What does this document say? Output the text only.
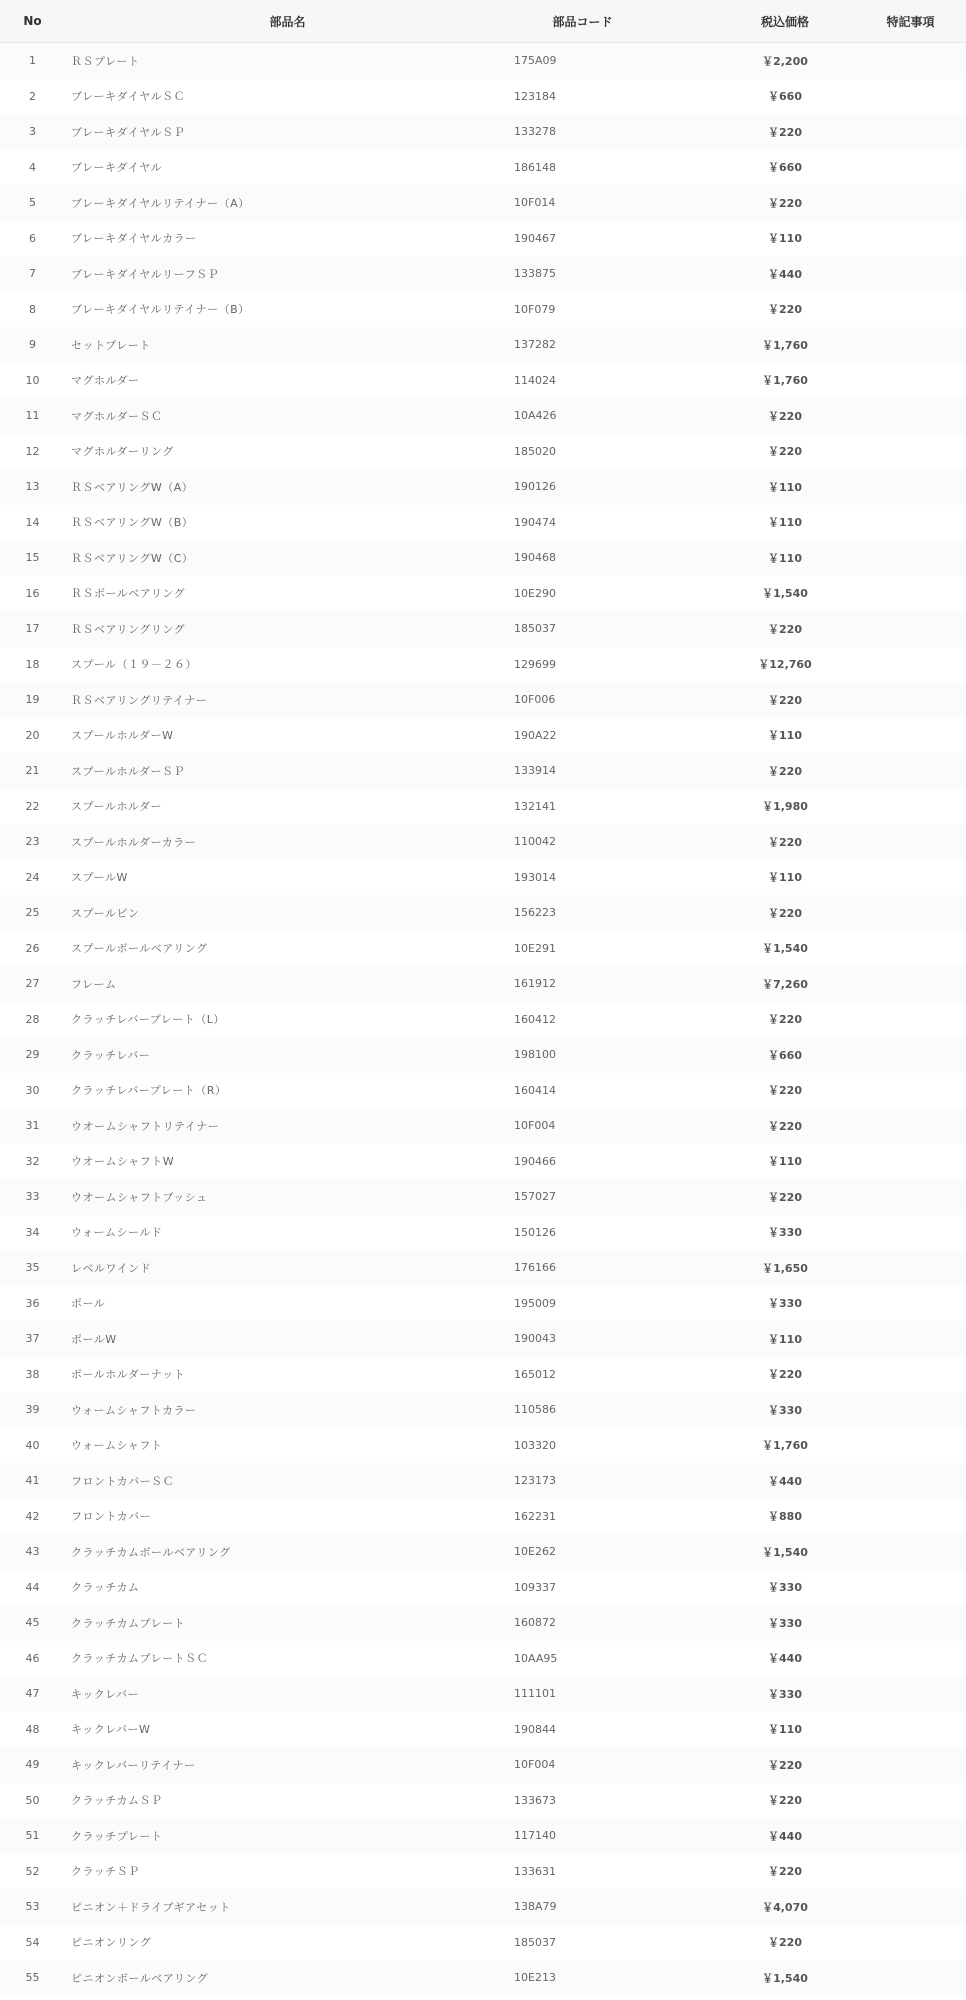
No	部品名	部品コード	税込価格	特記事項
1	ＲＳプレート	175A09	￥2,200	
2	ブレーキダイヤルＳＣ	123184	￥660	
3	ブレーキダイヤルＳＰ	133278	￥220	
4	ブレーキダイヤル	186148	￥660	
5	ブレーキダイヤルリテイナー（A）	10F014	￥220	
6	ブレーキダイヤルカラー	190467	￥110	
7	ブレーキダイヤルリーフＳＰ	133875	￥440	
8	ブレーキダイヤルリテイナー（B）	10F079	￥220	
9	セットプレート	137282	￥1,760	
10	マグホルダー	114024	￥1,760	
11	マグホルダーＳＣ	10A426	￥220	
12	マグホルダーリング	185020	￥220	
13	ＲＳベアリングW（A）	190126	￥110	
14	ＲＳベアリングW（B）	190474	￥110	
15	ＲＳベアリングW（C）	190468	￥110	
16	ＲＳボールベアリング	10E290	￥1,540	
17	ＲＳベアリングリング	185037	￥220	
18	スプール（１９－２６）	129699	￥12,760	
19	ＲＳベアリングリテイナー	10F006	￥220	
20	スプールホルダーW	190A22	￥110	
21	スプールホルダーＳＰ	133914	￥220	
22	スプールホルダー	132141	￥1,980	
23	スプールホルダーカラー	110042	￥220	
24	スプールW	193014	￥110	
25	スプールピン	156223	￥220	
26	スプールボールベアリング	10E291	￥1,540	
27	フレーム	161912	￥7,260	
28	クラッチレバープレート（L）	160412	￥220	
29	クラッチレバー	198100	￥660	
30	クラッチレバープレート（R）	160414	￥220	
31	ウオームシャフトリテイナー	10F004	￥220	
32	ウオームシャフトW	190466	￥110	
33	ウオームシャフトブッシュ	157027	￥220	
34	ウォームシールド	150126	￥330	
35	レベルワインド	176166	￥1,650	
36	ポール	195009	￥330	
37	ポールW	190043	￥110	
38	ポールホルダーナット	165012	￥220	
39	ウォームシャフトカラー	110586	￥330	
40	ウォームシャフト	103320	￥1,760	
41	フロントカバーＳＣ	123173	￥440	
42	フロントカバー	162231	￥880	
43	クラッチカムボールベアリング	10E262	￥1,540	
44	クラッチカム	109337	￥330	
45	クラッチカムプレート	160872	￥330	
46	クラッチカムプレートＳＣ	10AA95	￥440	
47	キックレバー	111101	￥330	
48	キックレバーW	190844	￥110	
49	キックレバーリテイナー	10F004	￥220	
50	クラッチカムＳＰ	133673	￥220	
51	クラッチプレート	117140	￥440	
52	クラッチＳＰ	133631	￥220	
53	ピニオン＋ドライブギアセット	138A79	￥4,070	
54	ピニオンリング	185037	￥220	
55	ピニオンボールベアリング	10E213	￥1,540	
